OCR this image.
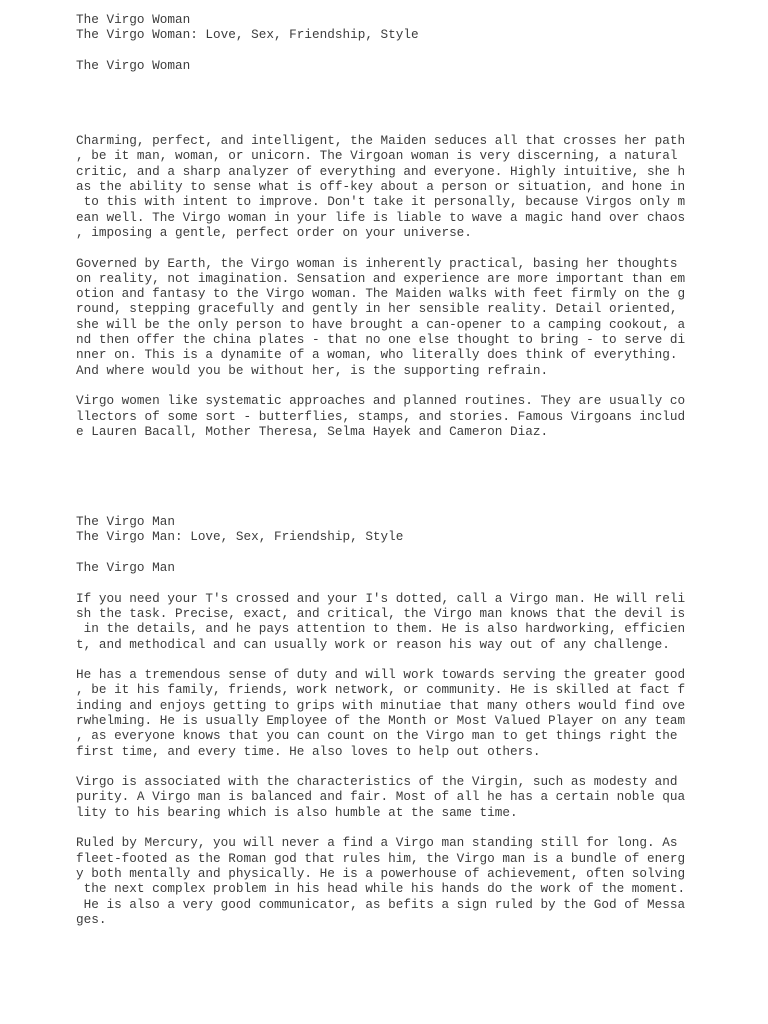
The Virgo Woman
The Virgo Woman: Love, Sex, Friendship, Style
The Virgo Woman
Charming, perfect, and intelligent, the Maiden seduces all that crosses her path
, be it man, woman, or unicorn. The Virgoan woman is very discerning, a natural
critic, and a sharp analyzer of everything and everyone. Highly intuitive, she h
as the ability to sense what is off-key about a person or situation, and hone in
to this with intent to improve. Don't take it personally, because Virgos only m
ean well. The Virgo woman in your life is liable to wave a magic hand over chaos
, imposing a gentle, perfect order on your universe.
Governed by Earth, the Virgo woman is inherently practical, basing her thoughts
on reality, not imagination. Sensation and experience are more important than em
otion and fantasy to the Virgo woman. The Maiden walks with feet firmly on the g
round, stepping gracefully and gently in her sensible reality. Detail oriented,
she will be the only person to have brought a can-opener to a camping cookout, a
nd then offer the china plates - that no one else thought to bring - to serve di
nner on. This is a dynamite of a woman, who literally does think of everything.
And where would you be without her, is the supporting refrain.
Virgo women like systematic approaches and planned routines. They are usually co
llectors of some sort - butterflies, stamps, and stories. Famous Virgoans includ
e Lauren Bacall, Mother Theresa, Selma Hayek and Cameron Diaz.
The Virgo Man
The Virgo Man: Love, Sex, Friendship, Style
The Virgo Man
If you need your T's crossed and your I's dotted, call a Virgo man. He will reli
sh the task. Precise, exact, and critical, the Virgo man knows that the devil is
in the details, and he pays attention to them. He is also hardworking, efficien
t, and methodical and can usually work or reason his way out of any challenge.
He has a tremendous sense of duty and will work towards serving the greater good
, be it his family, friends, work network, or community. He is skilled at fact f
inding and enjoys getting to grips with minutiae that many others would find ove
rwhelming. He is usually Employee of the Month or Most Valued Player on any team
, as everyone knows that you can count on the Virgo man to get things right the
first time, and every time. He also loves to help out others.
Virgo is associated with the characteristics of the Virgin, such as modesty and
purity. A Virgo man is balanced and fair. Most of all he has a certain noble qua
lity to his bearing which is also humble at the same time.
Ruled by Mercury, you will never a find a Virgo man standing still for long. As
fleet-footed as the Roman god that rules him, the Virgo man is a bundle of energ
y both mentally and physically. He is a powerhouse of achievement, often solving
the next complex problem in his head while his hands do the work of the moment.
He is also a very good communicator, as befits a sign ruled by the God of Messa
ges.
